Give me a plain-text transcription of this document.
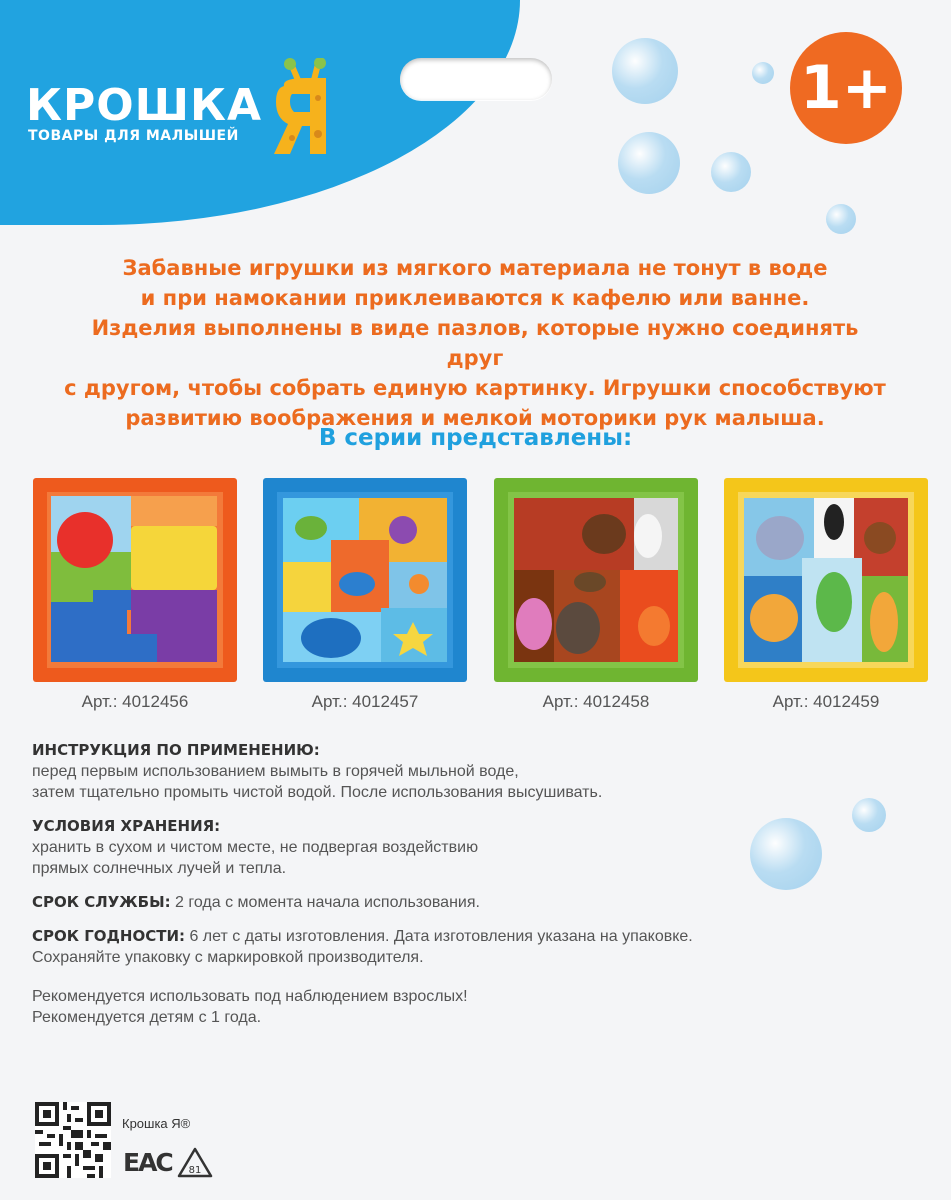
КРОШКА
ТОВАРЫ ДЛЯ МАЛЫШЕЙ
1+
Забавные игрушки из мягкого материала не тонут в воде
и при намокании приклеиваются к кафелю или ванне.
Изделия выполнены в виде пазлов, которые нужно соединять друг
с другом, чтобы собрать единую картинку. Игрушки способствуют
развитию воображения и мелкой моторики рук малыша.
В серии представлены:
Арт.: 4012456	Арт.: 4012457	Арт.: 4012458	Арт.: 4012459
ИНСТРУКЦИЯ ПО ПРИМЕНЕНИЮ:

перед первым использованием вымыть в горячей мыльной воде,

затем тщательно промыть чистой водой. После использования высушивать.

УСЛОВИЯ ХРАНЕНИЯ:

хранить в сухом и чистом месте, не подвергая воздействию

прямых солнечных лучей и тепла.

СРОК СЛУЖБЫ: 2 года с момента начала использования.

СРОК ГОДНОСТИ: 6 лет с даты изготовления. Дата изготовления указана на упаковке.

Сохраняйте упаковку с маркировкой производителя.

Рекомендуется использовать под наблюдением взрослых!

Рекомендуется детям с 1 года.

Крошка Я®
ЕАС 81
